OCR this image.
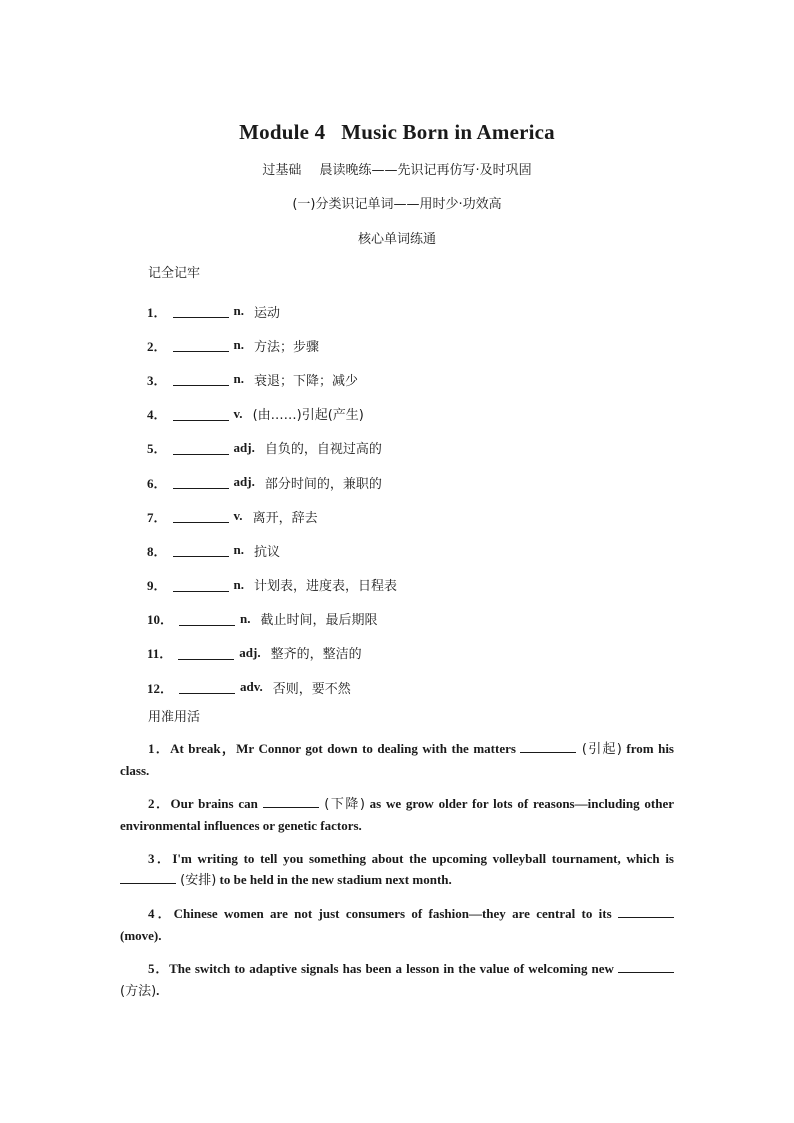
Module 4 Music Born in America
过基础 晨读晚练——先识记再仿写·及时巩固
(一)分类识记单词——用时少·功效高
核心单词练通
记全记牢
1．	n. 运动
2．	n. 方法；步骤
3．	n. 衰退；下降；减少
4．	v. (由……)引起(产生)
5．	adj. 自负的，自视过高的
6．	adj. 部分时间的，兼职的
7．	v. 离开，辞去
8．	n. 抗议
9．	n. 计划表，进度表，日程表
10．	n. 截止时间，最后期限
11．	adj. 整齐的，整洁的
12．	adv. 否则，要不然
用准用活
1．At break，Mr Connor got down to dealing with the matters	(引起) from his class.
2．Our brains can	(下降) as we grow older for lots of reasons—including other environmental influences or genetic factors.
3．I'm writing to tell you something about the upcoming volleyball tournament, which is  (安排) to be held in the new stadium next month.
4．Chinese women are not just consumers of fashion—they are central to its  (move).
5．The switch to adaptive signals has been a lesson in the value of welcoming new  (方法).
